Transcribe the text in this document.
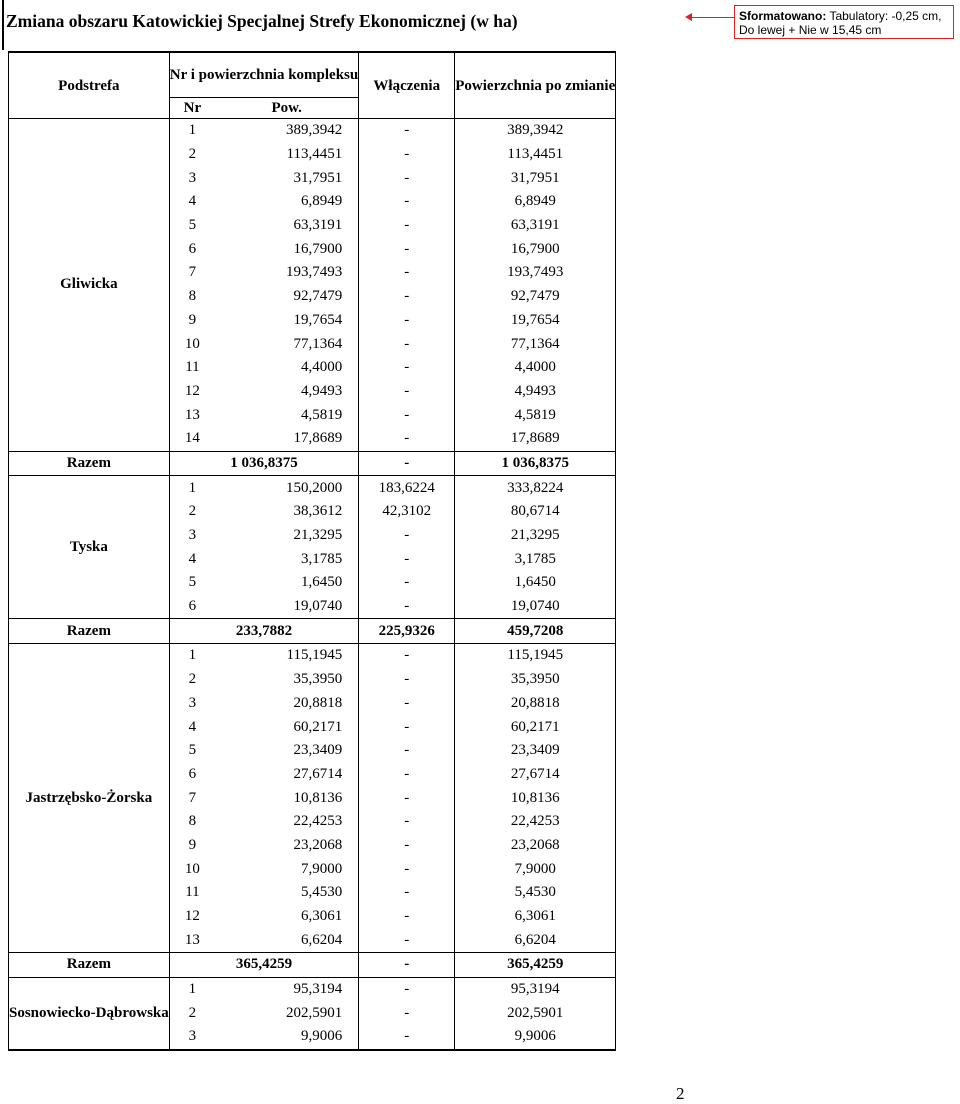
Zmiana obszaru Katowickiej Specjalnej Strefy Ekonomicznej (w ha)	Sformatowano: Tabulatory: -0,25 cm, Do lewej + Nie w 15,45 cm
Podstrefa	Nr i powierzchnia kompleksu		Włączenia	Powierzchnia po zmianie
	Nr	Pow.		
Gliwicka	1	389,3942	-	389,3942
	2	113,4451	-	113,4451
	3	31,7951	-	31,7951
	4	6,8949	-	6,8949
	5	63,3191	-	63,3191
	6	16,7900	-	16,7900
	7	193,7493	-	193,7493
	8	92,7479	-	92,7479
	9	19,7654	-	19,7654
	10	77,1364	-	77,1364
	11	4,4000	-	4,4000
	12	4,9493	-	4,9493
	13	4,5819	-	4,5819
	14	17,8689	-	17,8689
Razem	1 036,8375		-	1 036,8375
Tyska	1	150,2000	183,6224	333,8224
	2	38,3612	42,3102	80,6714
	3	21,3295	-	21,3295
	4	3,1785	-	3,1785
	5	1,6450	-	1,6450
	6	19,0740	-	19,0740
Razem	233,7882		225,9326	459,7208
Jastrzębsko-Żorska	1	115,1945	-	115,1945
	2	35,3950	-	35,3950
	3	20,8818	-	20,8818
	4	60,2171	-	60,2171
	5	23,3409	-	23,3409
	6	27,6714	-	27,6714
	7	10,8136	-	10,8136
	8	22,4253	-	22,4253
	9	23,2068	-	23,2068
	10	7,9000	-	7,9000
	11	5,4530	-	5,4530
	12	6,3061	-	6,3061
	13	6,6204	-	6,6204
Razem	365,4259		-	365,4259
Sosnowiecko-Dąbrowska	1	95,3194	-	95,3194
	2	202,5901	-	202,5901
	3	9,9006	-	9,9006
2
